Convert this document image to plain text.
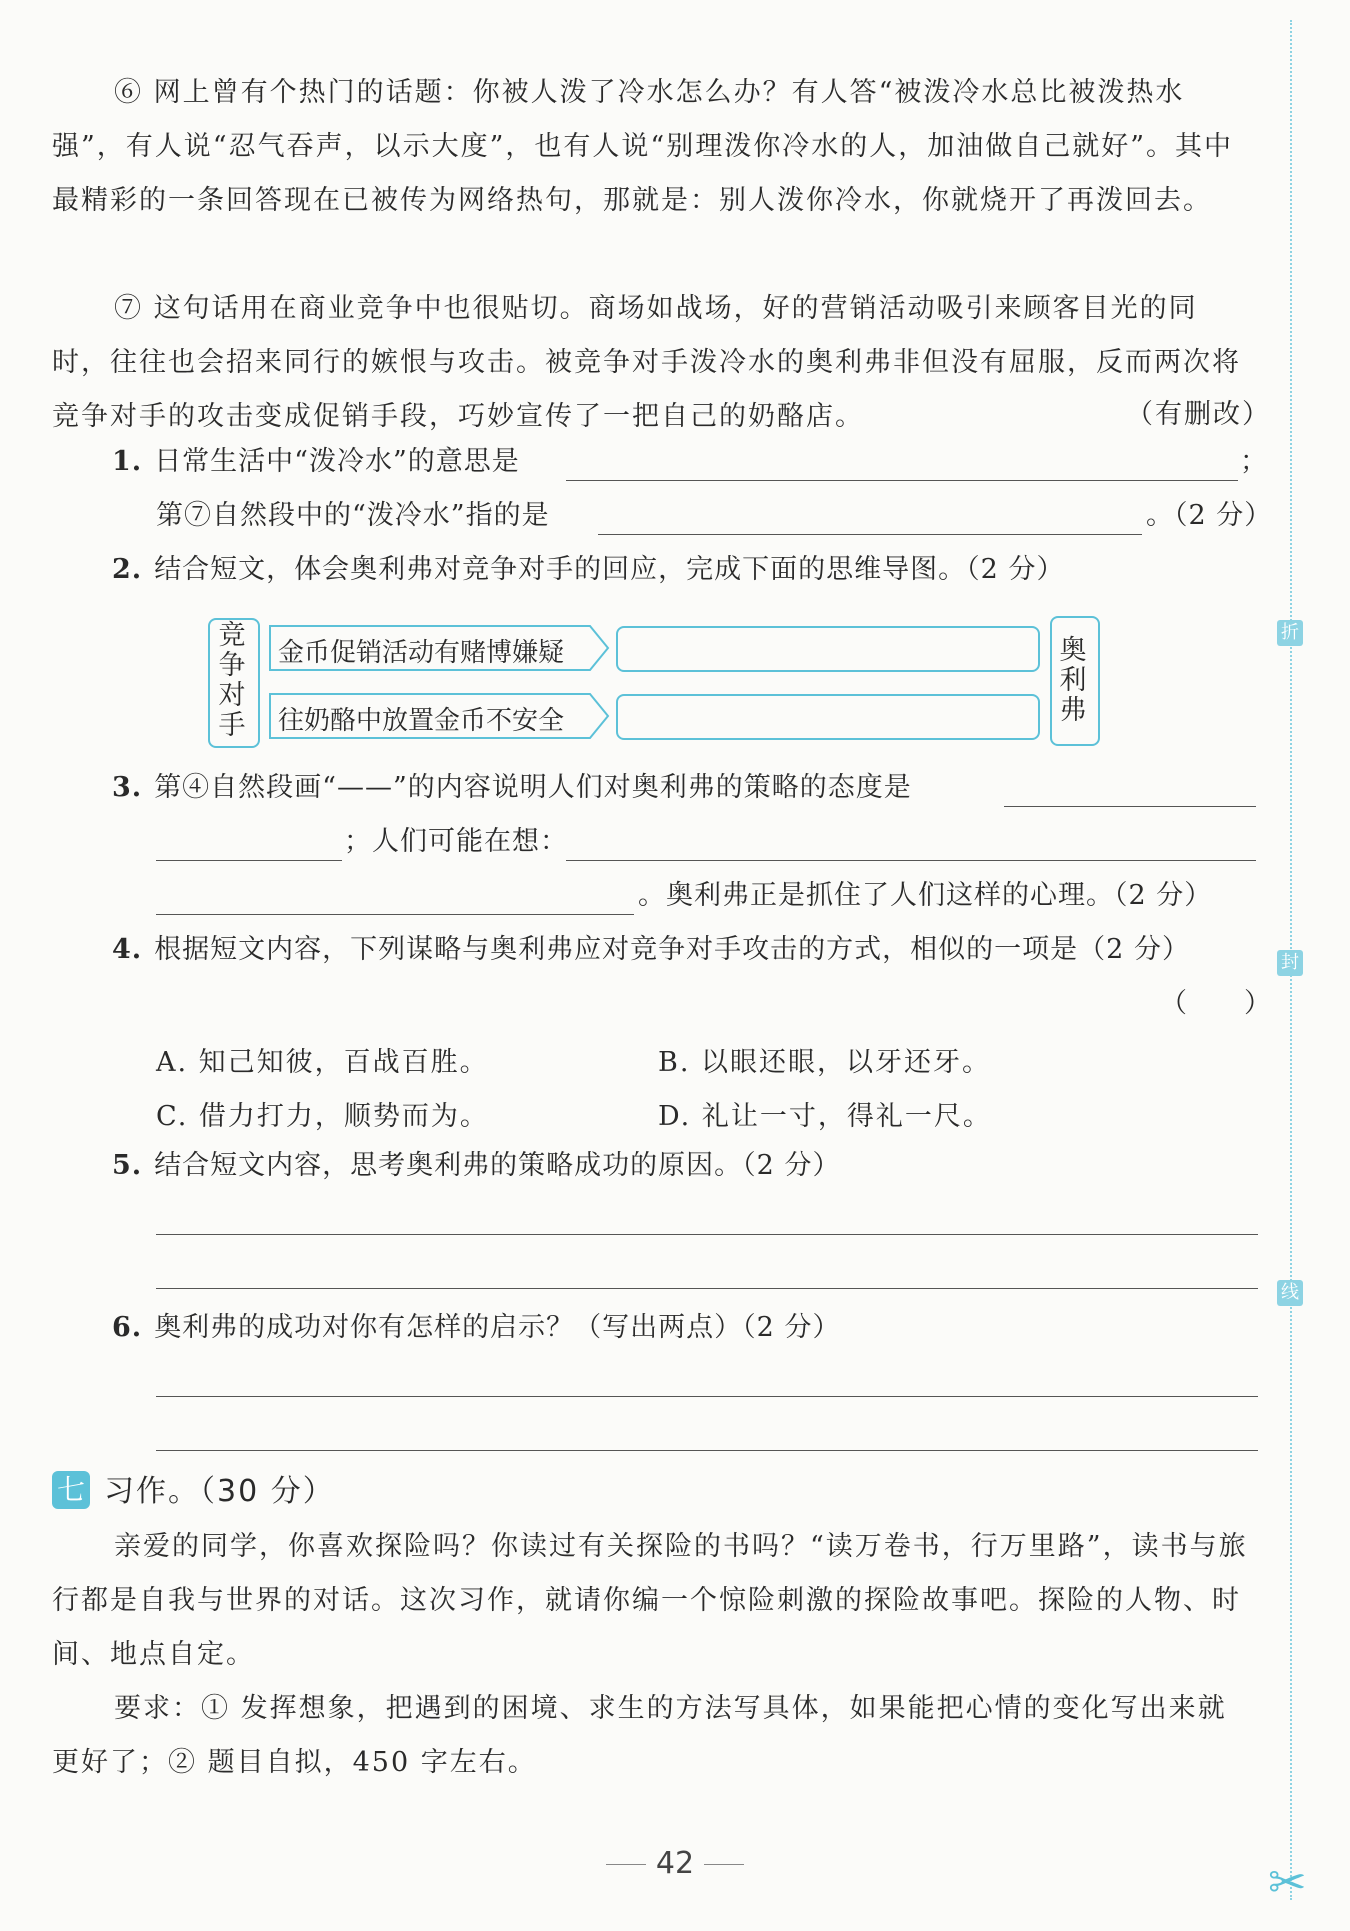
⑥ 网上曾有个热门的话题：你被人泼了冷水怎么办？有人答“被泼冷水总比被泼热水强”，有人说“忍气吞声，以示大度”，也有人说“别理泼你冷水的人，加油做自己就好”。其中最精彩的一条回答现在已被传为网络热句，那就是：别人泼你冷水，你就烧开了再泼回去。

⑦ 这句话用在商业竞争中也很贴切。商场如战场，好的营销活动吸引来顾客目光的同时，往往也会招来同行的嫉恨与攻击。被竞争对手泼冷水的奥利弗非但没有屈服，反而两次将竞争对手的攻击变成促销手段，巧妙宣传了一把自己的奶酪店。	（有删改）
1. 日常生活中“泼冷水”的意思是	；
第⑦自然段中的“泼冷水”指的是	。（2 分）
2. 结合短文，体会奥利弗对竞争对手的回应，完成下面的思维导图。（2 分）
竞争对手
金币促销活动有赌博嫌疑
往奶酪中放置金币不安全
奥利弗
3. 第④自然段画“——”的内容说明人们对奥利弗的策略的态度是
；人们可能在想：
。奥利弗正是抓住了人们这样的心理。（2 分）
4. 根据短文内容，下列谋略与奥利弗应对竞争对手攻击的方式，相似的一项是（2 分）
（　　）
A. 知己知彼，百战百胜。	B. 以眼还眼，以牙还牙。
C. 借力打力，顺势而为。	D. 礼让一寸，得礼一尺。
5. 结合短文内容，思考奥利弗的策略成功的原因。（2 分）
6. 奥利弗的成功对你有怎样的启示？（写出两点）（2 分）
七 习作。（30 分）

亲爱的同学，你喜欢探险吗？你读过有关探险的书吗？“读万卷书，行万里路”，读书与旅行都是自我与世界的对话。这次习作，就请你编一个惊险刺激的探险故事吧。探险的人物、时间、地点自定。

要求：① 发挥想象，把遇到的困境、求生的方法写具体，如果能把心情的变化写出来就更好了；② 题目自拟，450 字左右。

42
折
封
线
✂
